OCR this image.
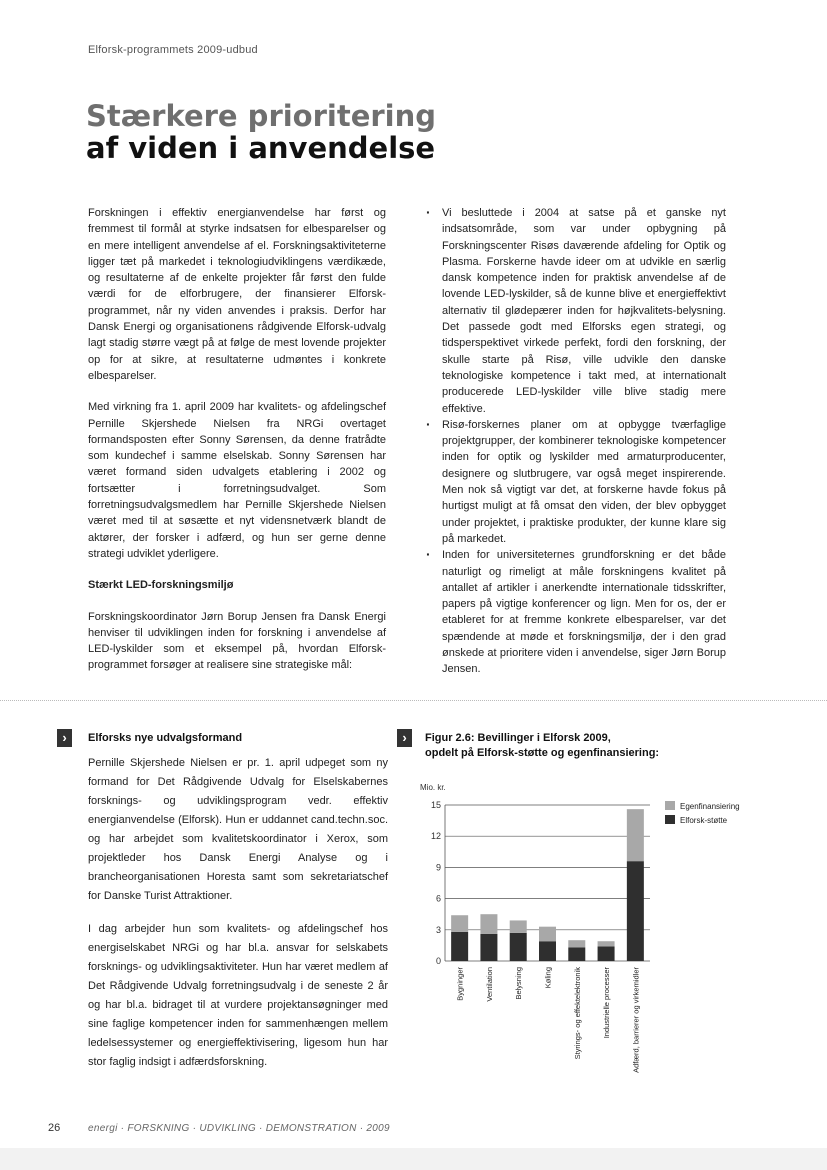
Elforsk-programmets 2009-udbud
Stærkere prioritering
af viden i anvendelse

Forskningen i effektiv energianvendelse har først og fremmest til formål at styrke indsatsen for elbesparelser og en mere intelligent anvendelse af el. Forskningsaktiviteterne ligger tæt på markedet i teknologiudviklingens værdikæde, og resultaterne af de enkelte projekter får først den fulde værdi for de elforbrugere, der finansierer Elforsk-programmet, når ny viden anvendes i praksis. Derfor har Dansk Energi og organisationens rådgivende Elforsk-udvalg lagt stadig større vægt på at følge de mest lovende projekter op for at sikre, at resultaterne udmøntes i konkrete elbesparelser.

Med virkning fra 1. april 2009 har kvalitets- og afdelingschef Pernille Skjershede Nielsen fra NRGi overtaget formandsposten efter Sonny Sørensen, da denne fratrådte som kundechef i samme elselskab. Sonny Sørensen har været formand siden udvalgets etablering i 2002 og fortsætter i forretningsudvalget. Som forretningsudvalgsmedlem har Pernille Skjershede Nielsen været med til at søsætte et nyt vidensnetværk blandt de aktører, der forsker i adfærd, og hun ser gerne denne strategi udviklet yderligere.

Stærkt LED-forskningsmiljø

Forskningskoordinator Jørn Borup Jensen fra Dansk Energi henviser til udviklingen inden for forskning i anvendelse af LED-lyskilder som et eksempel på, hvordan Elforsk-programmet forsøger at realisere sine strategiske mål:

· Vi besluttede i 2004 at satse på et ganske nyt indsatsområde, som var under opbygning på Forskningscenter Risøs daværende afdeling for Optik og Plasma. Forskerne havde ideer om at udvikle en særlig dansk kompetence inden for praktisk anvendelse af de lovende LED-lyskilder, så de kunne blive et energieffektivt alternativ til glødepærer inden for højkvalitets-belysning. Det passede godt med Elforsks egen strategi, og tidsperspektivet virkede perfekt, fordi den forskning, der skulle starte på Risø, ville udvikle den danske teknologiske kompetence i takt med, at internationalt producerede LED-lyskilder ville blive stadig mere effektive.
· Risø-forskernes planer om at opbygge tværfaglige projektgrupper, der kombinerer teknologiske kompetencer inden for optik og lyskilder med armaturproducenter, designere og slutbrugere, var også meget inspirerende. Men nok så vigtigt var det, at forskerne havde fokus på hurtigst muligt at få omsat den viden, der blev opbygget under projektet, i praktiske produkter, der kunne klare sig på markedet.
· Inden for universiteternes grundforskning er det både naturligt og rimeligt at måle forskningens kvalitet på antallet af artikler i anerkendte internationale tidsskrifter, papers på vigtige konferencer og lign. Men for os, der er etableret for at fremme konkrete elbesparelser, var det spændende at møde et forskningsmiljø, der i den grad ønskede at prioritere viden i anvendelse, siger Jørn Borup Jensen.
›	Elforsks nye udvalgsformand

Pernille Skjershede Nielsen er pr. 1. april udpeget som ny formand for Det Rådgivende Udvalg for Elselskabernes forsknings- og udviklingsprogram vedr. effektiv energianvendelse (Elforsk). Hun er uddannet cand.techn.soc. og har arbejdet som kvalitetskoordinator i Xerox, som projektleder hos Dansk Energi Analyse og i brancheorganisationen Horesta samt som sekretariatschef for Danske Turist Attraktioner.

I dag arbejder hun som kvalitets- og afdelingschef hos energiselskabet NRGi og har bl.a. ansvar for selskabets forsknings- og udviklingsaktiviteter. Hun har været medlem af Det Rådgivende Udvalg forretningsudvalg i de seneste 2 år og har bl.a. bidraget til at vurdere projektansøgninger med sine faglige kompetencer inden for sammenhængen mellem ledelsessystemer og energieffektivisering, ligesom hun har stor faglig indsigt i adfærdsforskning.

›	Figur 2.6: Bevillinger i Elforsk 2009,
opdelt på Elforsk-støtte og egenfinansiering:
Mio. kr.
0
3
6
9
12
15
Bygninger	Ventilation	Belysning	Køling	Styrings- og effektelektronik	Industrielle processer	Adfærd, barrierer og virkemidler
Egenfinansiering
Elforsk-støtte
26	energi · FORSKNING · UDVIKLING · DEMONSTRATION · 2009
